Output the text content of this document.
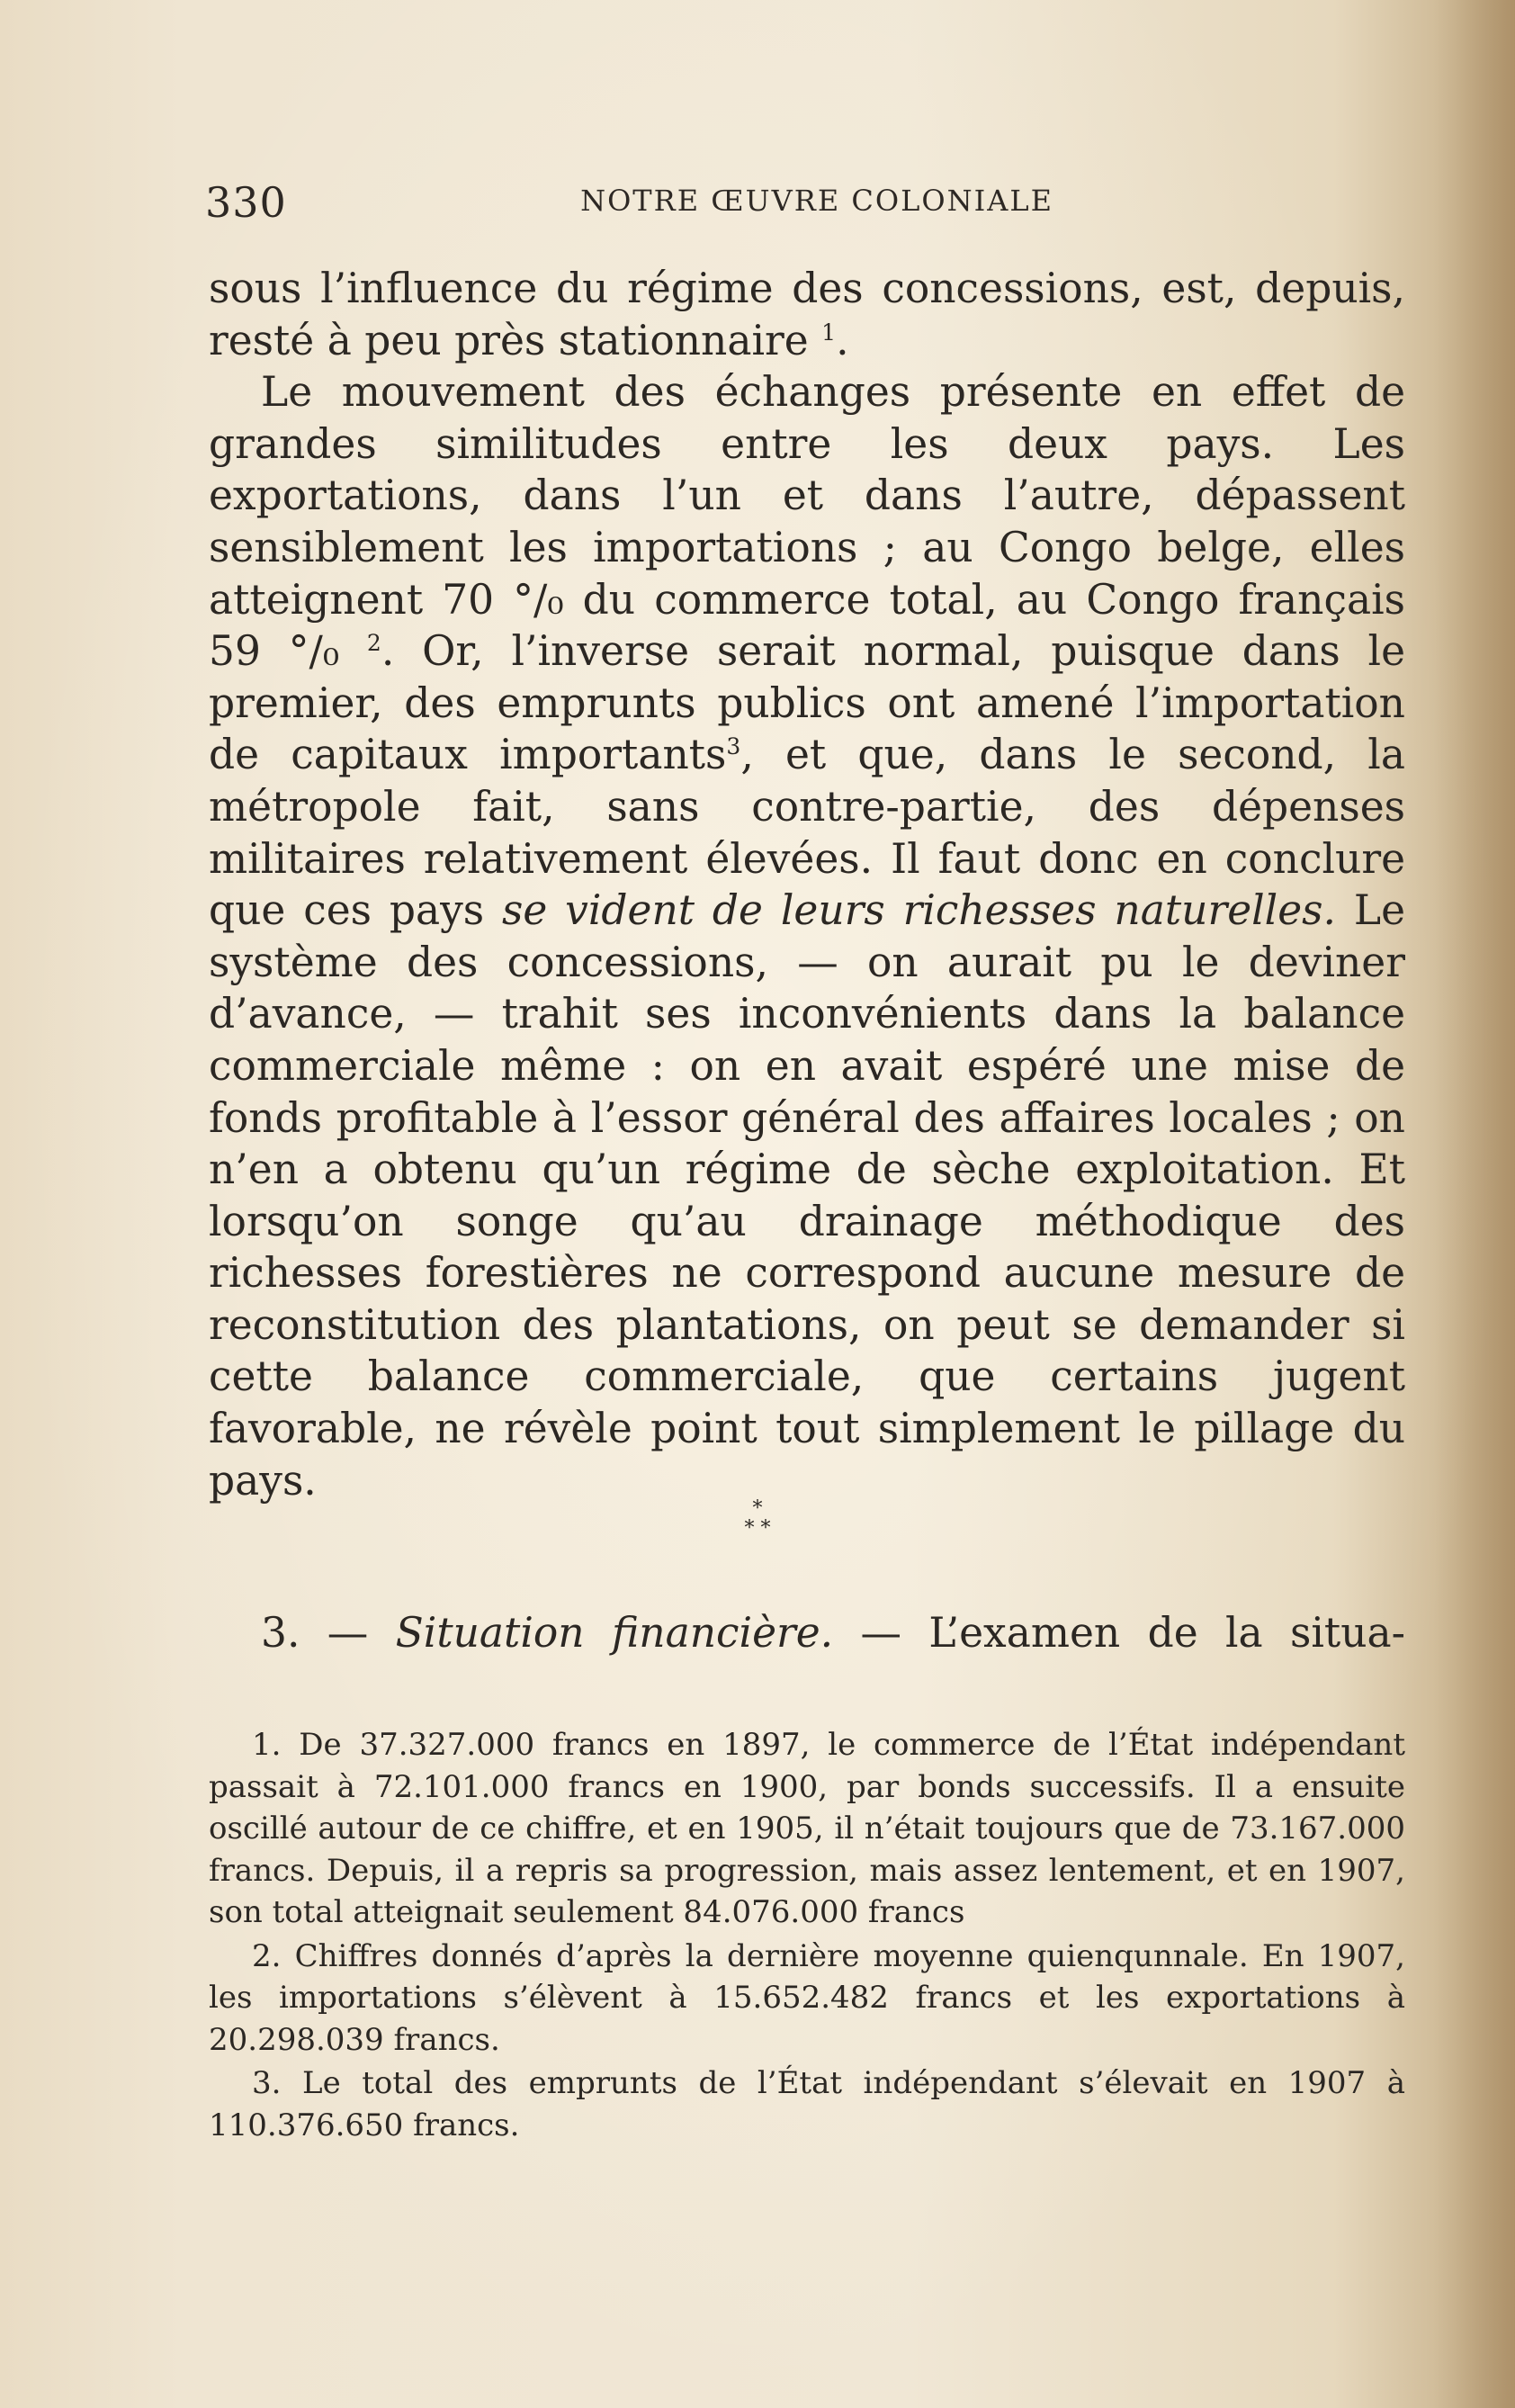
330	NOTRE ŒUVRE COLONIALE

sous l’influence du régime des concessions, est, depuis, resté à peu près stationnaire $^1$.
Le mouvement des échanges présente en effet de grandes similitudes entre les deux pays. Les exportations, dans l’un et dans l’autre, dépassent sensiblement les importations ; au Congo belge, elles atteignent 70 °/₀ du commerce total, au Congo français 59 °/₀ $^2$. Or, l’inverse serait normal, puisque dans le premier, des emprunts publics ont amené l’importation de capitaux importants$^3$, et que, dans le second, la métropole fait, sans contre-partie, des dépenses militaires relativement élevées. Il faut donc en conclure que ces pays se vident de leurs richesses naturelles. Le système des concessions, — on aurait pu le deviner d’avance, — trahit ses inconvénients dans la balance commerciale même : on en avait espéré une mise de fonds profitable à l’essor général des affaires locales ; on n’en a obtenu qu’un régime de sèche exploitation. Et lorsqu’on songe qu’au drainage méthodique des richesses forestières ne correspond aucune mesure de reconstitution des plantations, on peut se demander si cette balance commerciale, que certains jugent favorable, ne révèle point tout simplement le pillage du pays.

*
* *

3. — Situation financière. — L’examen de la situa-

1. De 37.327.000 francs en 1897, le commerce de l’État indépendant passait à 72.101.000 francs en 1900, par bonds successifs. Il a ensuite oscillé autour de ce chiffre, et en 1905, il n’était toujours que de 73.167.000 francs. Depuis, il a repris sa progression, mais assez lentement, et en 1907, son total atteignait seulement 84.076.000 francs

2. Chiffres donnés d’après la dernière moyenne quienqunnale. En 1907, les importations s’élèvent à 15.652.482 francs et les exportations à 20.298.039 francs.

3. Le total des emprunts de l’État indépendant s’élevait en 1907 à 110.376.650 francs.
